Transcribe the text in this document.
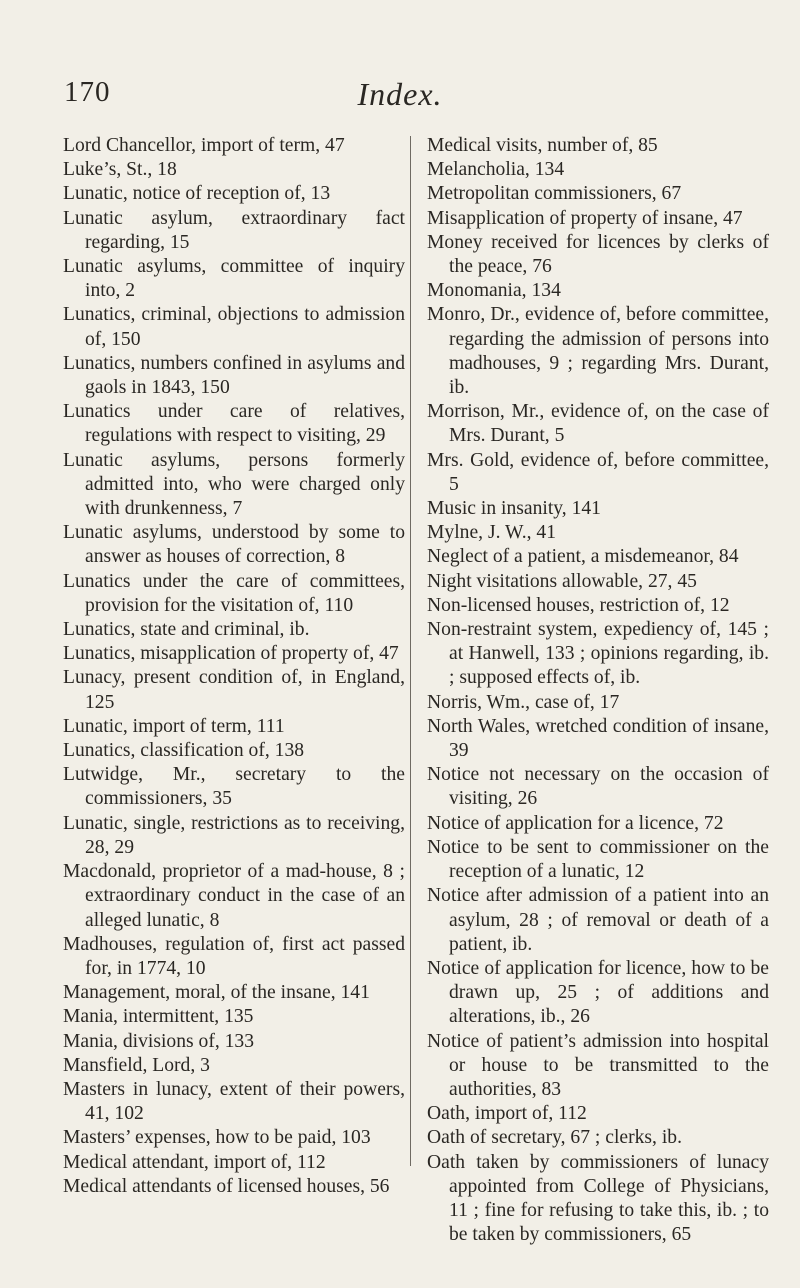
170	Index.

Lord Chancellor, import of term, 47

Luke’s, St., 18

Lunatic, notice of reception of, 13

Lunatic asylum, extraordinary fact regarding, 15

Lunatic asylums, committee of inquiry into, 2

Lunatics, criminal, objections to admission of, 150

Lunatics, numbers confined in asylums and gaols in 1843, 150

Lunatics under care of relatives, regulations with respect to visiting, 29

Lunatic asylums, persons formerly admitted into, who were charged only with drunkenness, 7

Lunatic asylums, understood by some to answer as houses of correction, 8

Lunatics under the care of committees, provision for the visitation of, 110

Lunatics, state and criminal, ib.

Lunatics, misapplication of property of, 47

Lunacy, present condition of, in England, 125

Lunatic, import of term, 111

Lunatics, classification of, 138

Lutwidge, Mr., secretary to the commissioners, 35

Lunatic, single, restrictions as to receiving, 28, 29

Macdonald, proprietor of a mad-house, 8 ; extraordinary conduct in the case of an alleged lunatic, 8

Madhouses, regulation of, first act passed for, in 1774, 10

Management, moral, of the insane, 141

Mania, intermittent, 135

Mania, divisions of, 133

Mansfield, Lord, 3

Masters in lunacy, extent of their powers, 41, 102

Masters’ expenses, how to be paid, 103

Medical attendant, import of, 112

Medical attendants of licensed houses, 56

Medical visits, number of, 85

Melancholia, 134

Metropolitan commissioners, 67

Misapplication of property of insane, 47

Money received for licences by clerks of the peace, 76

Monomania, 134

Monro, Dr., evidence of, before committee, regarding the admission of persons into madhouses, 9 ; regarding Mrs. Durant, ib.

Morrison, Mr., evidence of, on the case of Mrs. Durant, 5

Mrs. Gold, evidence of, before committee, 5

Music in insanity, 141

Mylne, J. W., 41

Neglect of a patient, a misdemeanor, 84

Night visitations allowable, 27, 45

Non-licensed houses, restriction of, 12

Non-restraint system, expediency of, 145 ; at Hanwell, 133 ; opinions regarding, ib. ; supposed effects of, ib.

Norris, Wm., case of, 17

North Wales, wretched condition of insane, 39

Notice not necessary on the occasion of visiting, 26

Notice of application for a licence, 72

Notice to be sent to commissioner on the reception of a lunatic, 12

Notice after admission of a patient into an asylum, 28 ; of removal or death of a patient, ib.

Notice of application for licence, how to be drawn up, 25 ; of additions and alterations, ib., 26

Notice of patient’s admission into hospital or house to be transmitted to the authorities, 83

Oath, import of, 112

Oath of secretary, 67 ; clerks, ib.

Oath taken by commissioners of lunacy appointed from College of Physicians, 11 ; fine for refusing to take this, ib. ; to be taken by commissioners, 65
